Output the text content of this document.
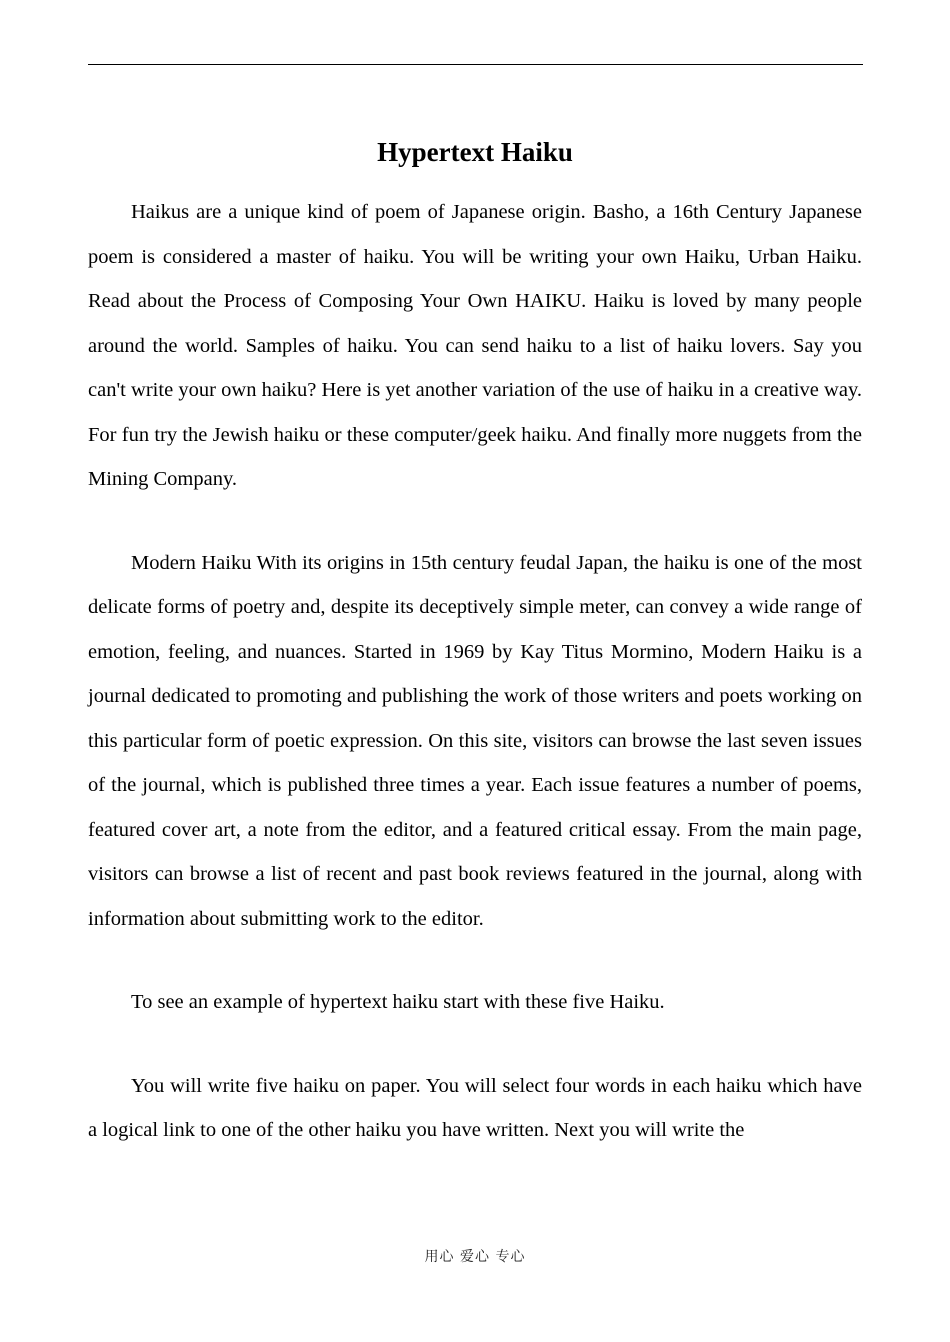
Hypertext Haiku

Haikus are a unique kind of poem of Japanese origin. Basho, a 16th Century Japanese poem is considered a master of haiku. You will be writing your own Haiku, Urban Haiku. Read about the Process of Composing Your Own HAIKU. Haiku is loved by many people around the world. Samples of haiku. You can send haiku to a list of haiku lovers. Say you can't write your own haiku? Here is yet another variation of the use of haiku in a creative way. For fun try the Jewish haiku or these computer/geek haiku. And finally more nuggets from the Mining Company.

Modern Haiku With its origins in 15th century feudal Japan, the haiku is one of the most delicate forms of poetry and, despite its deceptively simple meter, can convey a wide range of emotion, feeling, and nuances. Started in 1969 by Kay Titus Mormino, Modern Haiku is a journal dedicated to promoting and publishing the work of those writers and poets working on this particular form of poetic expression. On this site, visitors can browse the last seven issues of the journal, which is published three times a year. Each issue features a number of poems, featured cover art, a note from the editor, and a featured critical essay. From the main page, visitors can browse a list of recent and past book reviews featured in the journal, along with information about submitting work to the editor.

To see an example of hypertext haiku start with these five Haiku.

You will write five haiku on paper. You will select four words in each haiku which have a logical link to one of the other haiku you have written. Next you will write the

用心 爱心 专心
